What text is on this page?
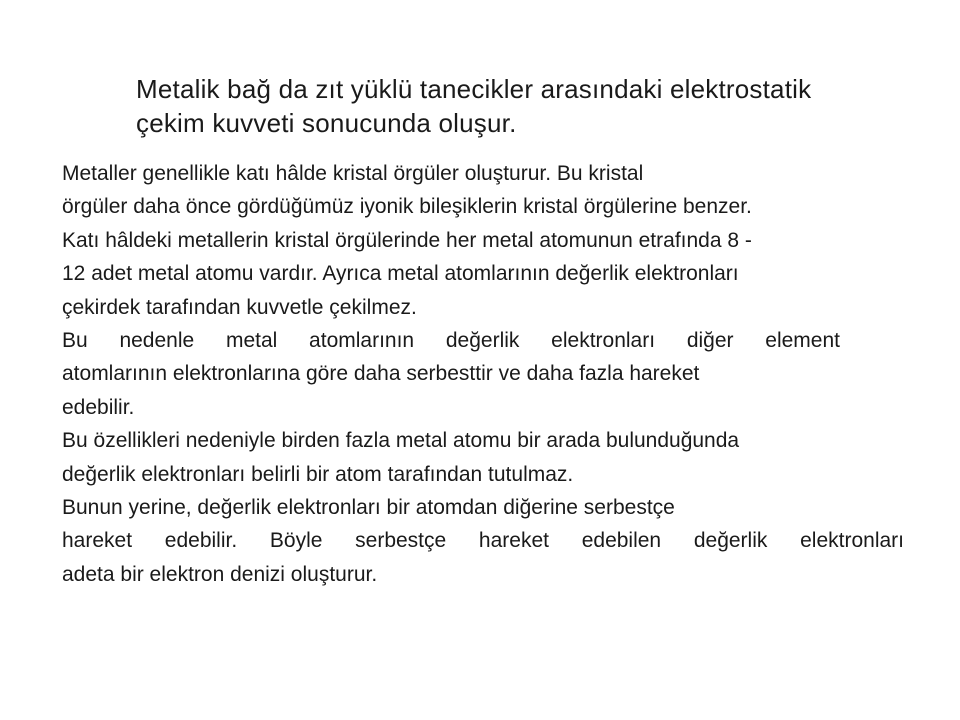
Metalik bağ da zıt yüklü tanecikler arasındaki elektrostatik
çekim kuvveti sonucunda oluşur.
Metaller genellikle katı hâlde kristal örgüler oluşturur. Bu kristal
örgüler daha önce gördüğümüz iyonik bileşiklerin kristal örgülerine benzer.
Katı hâldeki metallerin kristal örgülerinde her metal atomunun etrafında 8 -
12 adet metal atomu vardır. Ayrıca metal atomlarının değerlik elektronları
çekirdek tarafından kuvvetle çekilmez.
Bu nedenle metal atomlarının değerlik elektronları diğer element
atomlarının elektronlarına göre daha serbesttir ve daha fazla hareket
edebilir.
Bu özellikleri nedeniyle birden fazla metal atomu bir arada bulunduğunda
değerlik elektronları belirli bir atom tarafından tutulmaz.
Bunun yerine, değerlik elektronları bir atomdan diğerine serbestçe
hareket edebilir. Böyle serbestçe hareket edebilen değerlik elektronları
adeta bir elektron denizi oluşturur.
